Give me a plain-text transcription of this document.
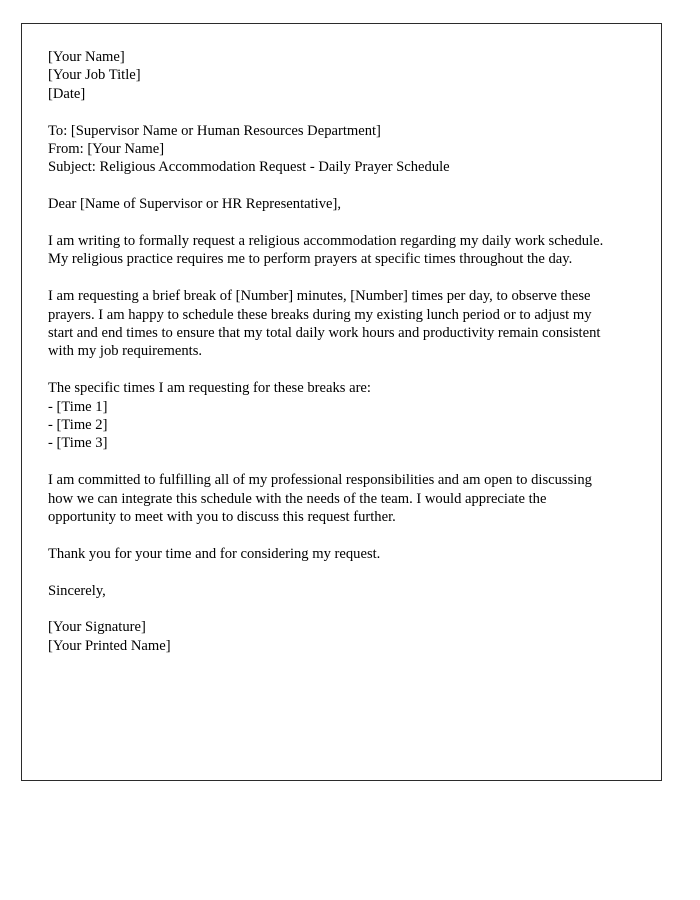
[Your Name]
[Your Job Title]
[Date]
To: [Supervisor Name or Human Resources Department]
From: [Your Name]
Subject: Religious Accommodation Request - Daily Prayer Schedule
Dear [Name of Supervisor or HR Representative],

I am writing to formally request a religious accommodation regarding my daily work schedule. My religious practice requires me to perform prayers at specific times throughout the day.

I am requesting a brief break of [Number] minutes, [Number] times per day, to observe these prayers. I am happy to schedule these breaks during my existing lunch period or to adjust my start and end times to ensure that my total daily work hours and productivity remain consistent with my job requirements.

The specific times I am requesting for these breaks are:
- [Time 1]
- [Time 2]
- [Time 3]

I am committed to fulfilling all of my professional responsibilities and am open to discussing how we can integrate this schedule with the needs of the team. I would appreciate the opportunity to meet with you to discuss this request further.

Thank you for your time and for considering my request.

Sincerely,
[Your Signature]
[Your Printed Name]
